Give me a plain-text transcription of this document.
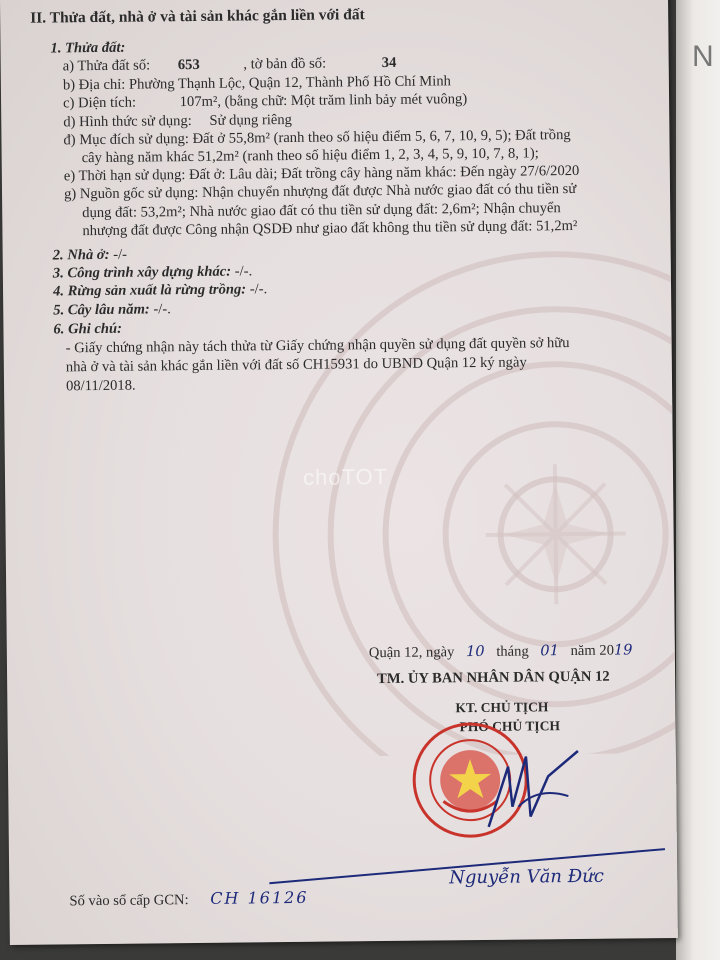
N
choTOT
II. Thửa đất, nhà ở và tài sản khác gắn liền với đất
1. Thửa đất:
a) Thửa đất số: 653	, tờ bản đồ số:	34
b) Địa chỉ: Phường Thạnh Lộc, Quận 12, Thành Phố Hồ Chí Minh
c) Diện tích:	107m², (bằng chữ: Một trăm linh bảy mét vuông)
d) Hình thức sử dụng: Sử dụng riêng
đ) Mục đích sử dụng: Đất ở 55,8m² (ranh theo số hiệu điểm 5, 6, 7, 10, 9, 5); Đất trồng
cây hàng năm khác 51,2m² (ranh theo số hiệu điểm 1, 2, 3, 4, 5, 9, 10, 7, 8, 1);
e) Thời hạn sử dụng: Đất ở: Lâu dài; Đất trồng cây hàng năm khác: Đến ngày 27/6/2020
g) Nguồn gốc sử dụng: Nhận chuyển nhượng đất được Nhà nước giao đất có thu tiền sử
dụng đất: 53,2m²; Nhà nước giao đất có thu tiền sử dụng đất: 2,6m²; Nhận chuyển
nhượng đất được Công nhận QSDĐ như giao đất không thu tiền sử dụng đất: 51,2m²
2. Nhà ở: -/-
3. Công trình xây dựng khác: -/-.
4. Rừng sản xuất là rừng trồng: -/-.
5. Cây lâu năm: -/-.
6. Ghi chú:
- Giấy chứng nhận này tách thửa từ Giấy chứng nhận quyền sử dụng đất quyền sở hữu
nhà ở và tài sản khác gắn liền với đất số CH15931 do UBND Quận 12 ký ngày
08/11/2018.
Quận 12, ngày 10 tháng 01 năm 2019
TM. ỦY BAN NHÂN DÂN QUẬN 12
KT. CHỦ TỊCH
PHÓ CHỦ TỊCH
Nguyễn Văn Đức
Số vào sổ cấp GCN: CH 16126
